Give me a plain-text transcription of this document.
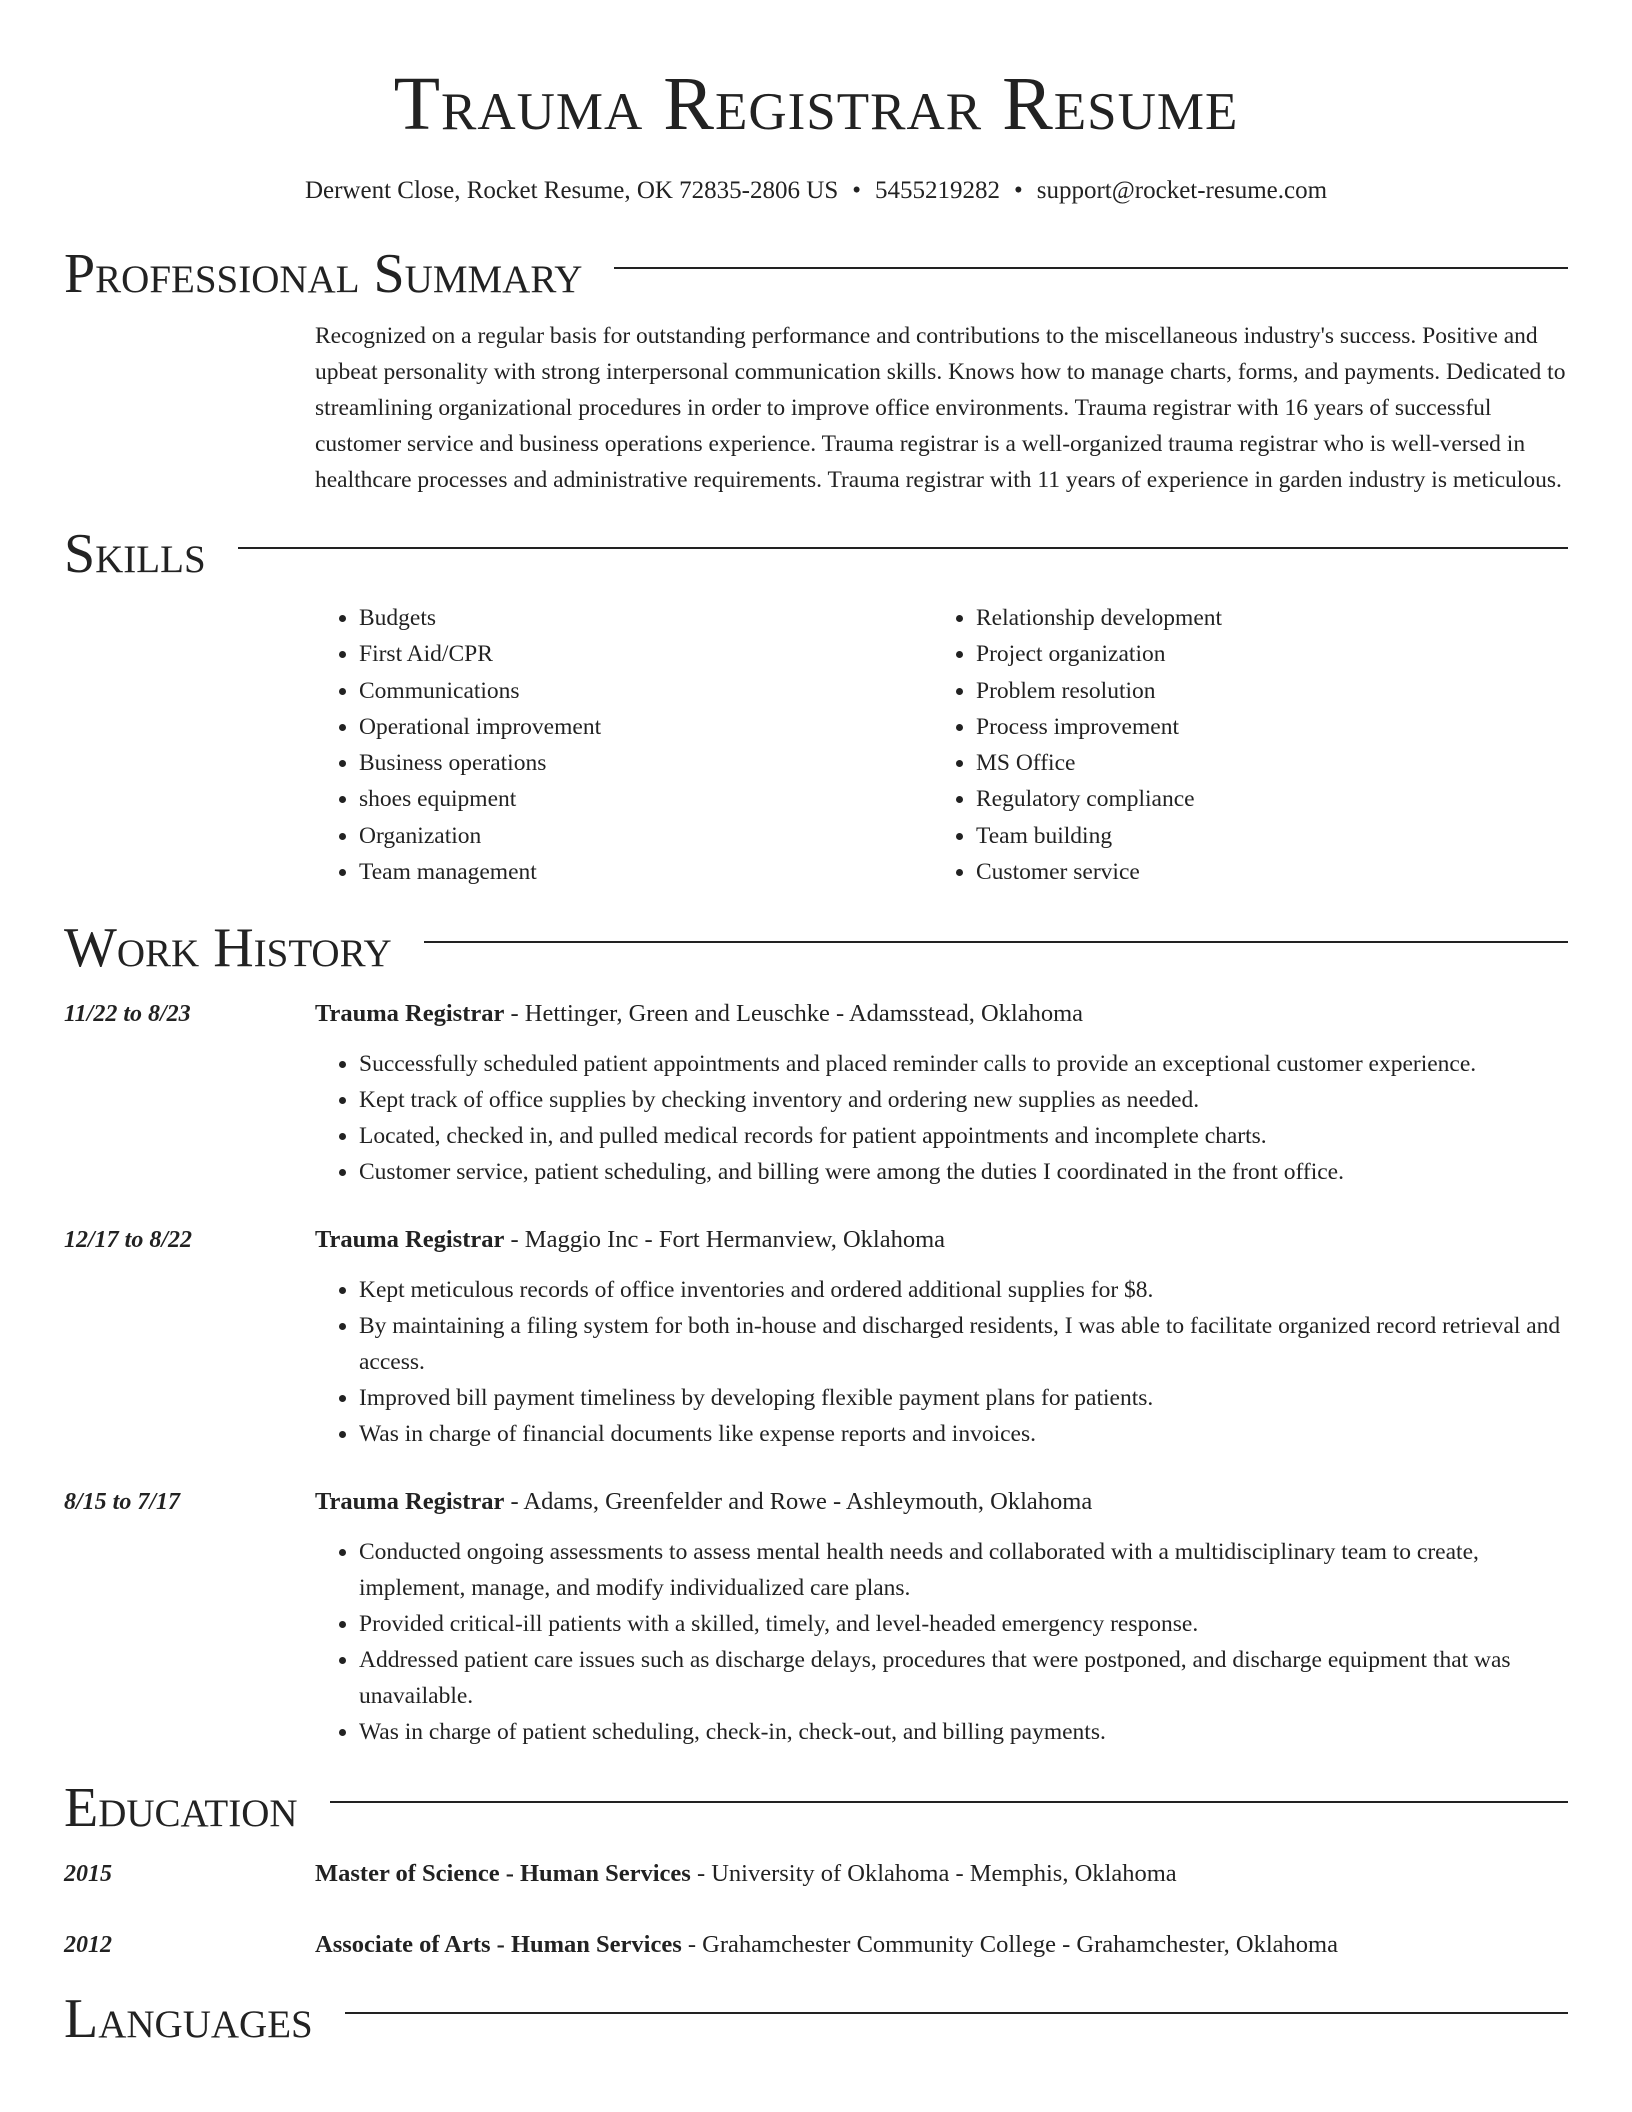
Trauma Registrar Resume
Derwent Close, Rocket Resume, OK 72835-2806 US • 5455219282 • support@rocket-resume.com
Professional Summary

Recognized on a regular basis for outstanding performance and contributions to the miscellaneous industry's success. Positive and upbeat personality with strong interpersonal communication skills. Knows how to manage charts, forms, and payments. Dedicated to streamlining organizational procedures in order to improve office environments. Trauma registrar with 16 years of successful customer service and business operations experience. Trauma registrar is a well-organized trauma registrar who is well-versed in healthcare processes and administrative requirements. Trauma registrar with 11 years of experience in garden industry is meticulous.

Skills
• Budgets
• First Aid/CPR
• Communications
• Operational improvement
• Business operations
• shoes equipment
• Organization
• Team management
• Relationship development
• Project organization
• Problem resolution
• Process improvement
• MS Office
• Regulatory compliance
• Team building
• Customer service
Work History
11/22 to 8/23	Trauma Registrar - Hettinger, Green and Leuschke - Adamsstead, Oklahoma
• Successfully scheduled patient appointments and placed reminder calls to provide an exceptional customer experience.
• Kept track of office supplies by checking inventory and ordering new supplies as needed.
• Located, checked in, and pulled medical records for patient appointments and incomplete charts.
• Customer service, patient scheduling, and billing were among the duties I coordinated in the front office.
12/17 to 8/22	Trauma Registrar - Maggio Inc - Fort Hermanview, Oklahoma
• Kept meticulous records of office inventories and ordered additional supplies for $8.
• By maintaining a filing system for both in-house and discharged residents, I was able to facilitate organized record retrieval and access.
• Improved bill payment timeliness by developing flexible payment plans for patients.
• Was in charge of financial documents like expense reports and invoices.
8/15 to 7/17	Trauma Registrar - Adams, Greenfelder and Rowe - Ashleymouth, Oklahoma
• Conducted ongoing assessments to assess mental health needs and collaborated with a multidisciplinary team to create, implement, manage, and modify individualized care plans.
• Provided critical-ill patients with a skilled, timely, and level-headed emergency response.
• Addressed patient care issues such as discharge delays, procedures that were postponed, and discharge equipment that was unavailable.
• Was in charge of patient scheduling, check-in, check-out, and billing payments.
Education
2015	Master of Science - Human Services - University of Oklahoma - Memphis, Oklahoma
2012	Associate of Arts - Human Services - Grahamchester Community College - Grahamchester, Oklahoma
Languages
